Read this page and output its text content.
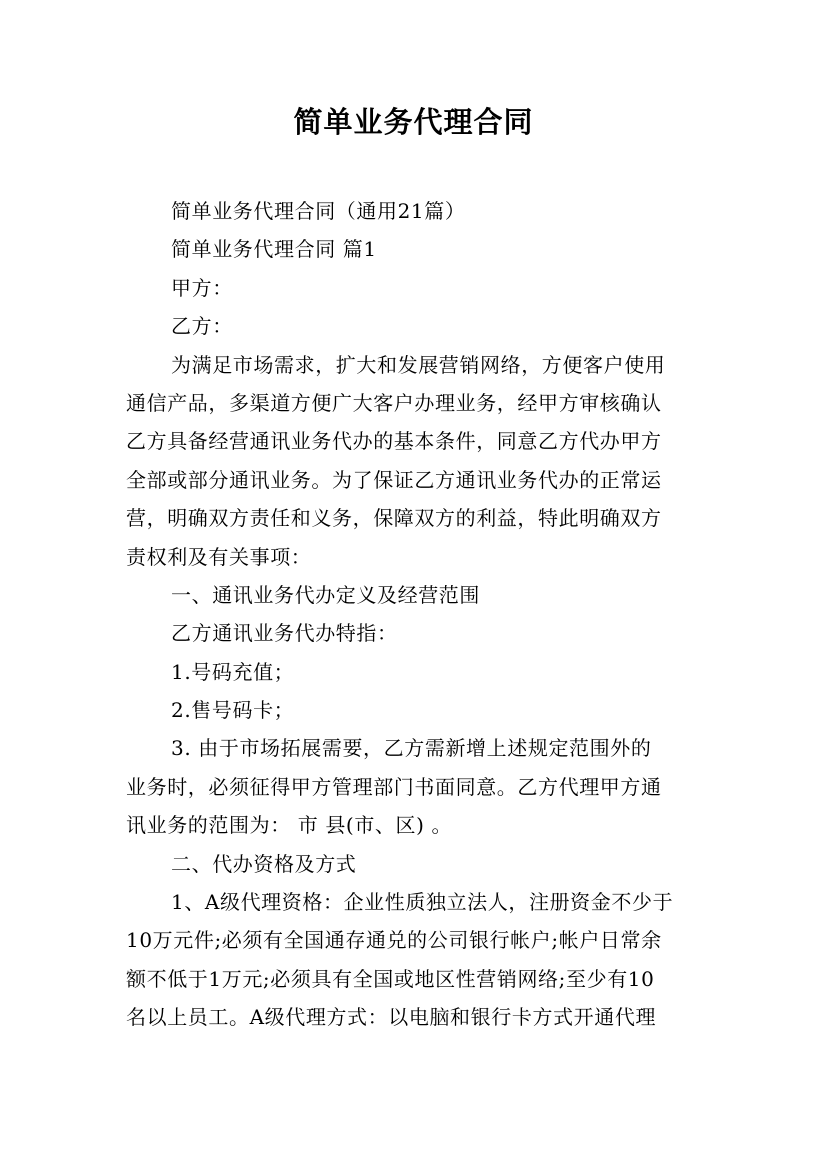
简单业务代理合同
简单业务代理合同（通用21篇）
简单业务代理合同 篇1
甲方：
乙方：
为满足市场需求，扩大和发展营销网络，方便客户使用
通信产品，多渠道方便广大客户办理业务，经甲方审核确认
乙方具备经营通讯业务代办的基本条件，同意乙方代办甲方
全部或部分通讯业务。为了保证乙方通讯业务代办的正常运
营，明确双方责任和义务，保障双方的利益，特此明确双方
责权利及有关事项：
一、通讯业务代办定义及经营范围
乙方通讯业务代办特指：
1.号码充值；
2.售号码卡；
3. 由于市场拓展需要，乙方需新增上述规定范围外的
业务时，必须征得甲方管理部门书面同意。乙方代理甲方通
讯业务的范围为： 市 县(市、区) 。
二、代办资格及方式
1、A级代理资格：企业性质独立法人，注册资金不少于
10万元件;必须有全国通存通兑的公司银行帐户;帐户日常余
额不低于1万元;必须具有全国或地区性营销网络;至少有10
名以上员工。A级代理方式：以电脑和银行卡方式开通代理
